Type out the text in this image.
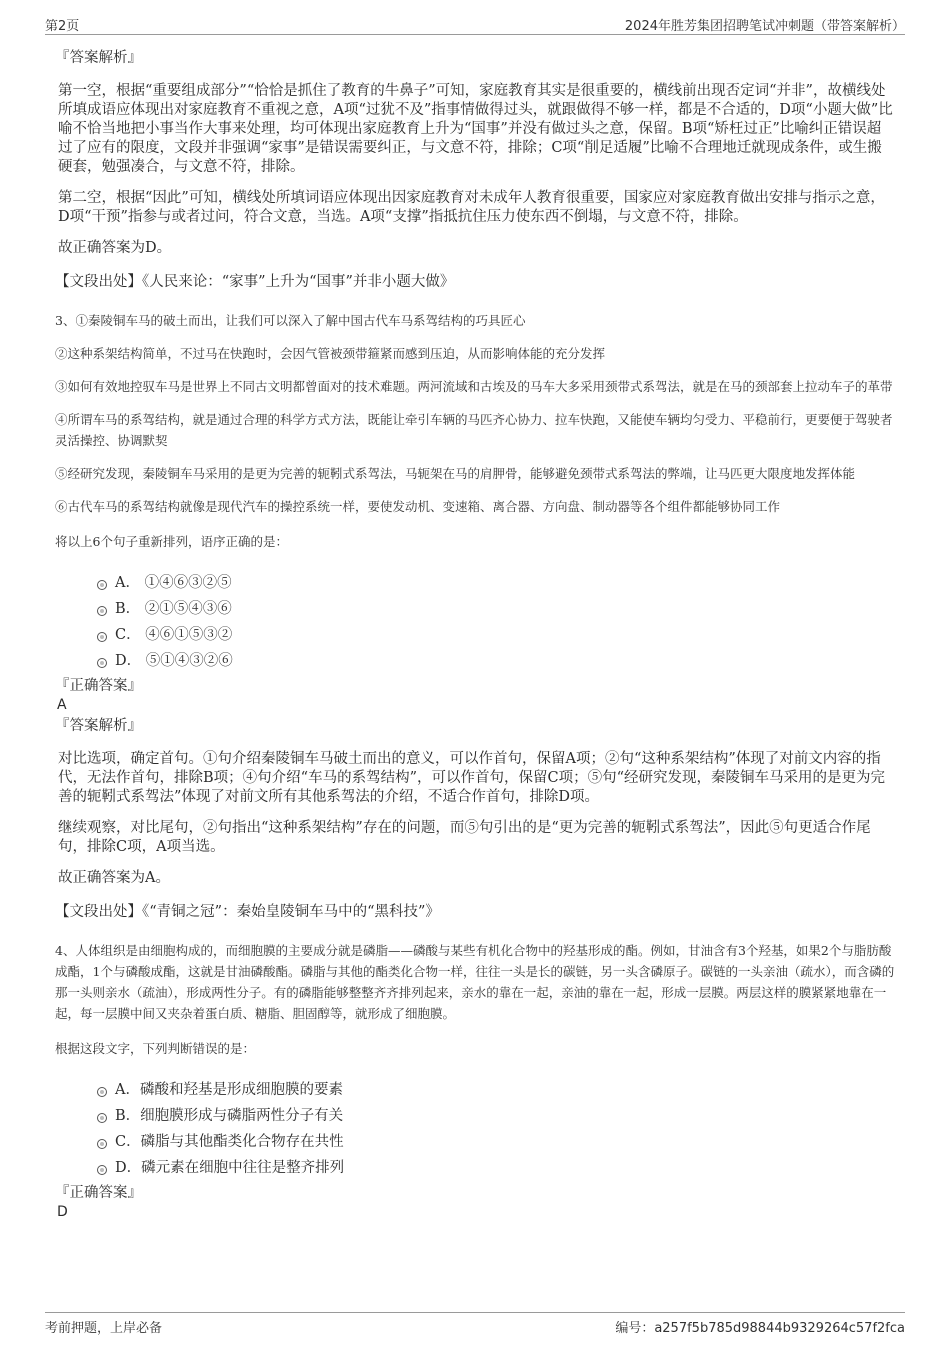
第2页	2024年胜芳集团招聘笔试冲刺题（带答案解析）
『答案解析』
第一空，根据“重要组成部分”“恰恰是抓住了教育的牛鼻子”可知，家庭教育其实是很重要的，横线前出现否定词“并非”，故横线处所填成语应体现出对家庭教育不重视之意，A项“过犹不及”指事情做得过头，就跟做得不够一样，都是不合适的，D项“小题大做”比喻不恰当地把小事当作大事来处理，均可体现出家庭教育上升为“国事”并没有做过头之意，保留。B项“矫枉过正”比喻纠正错误超过了应有的限度，文段并非强调“家事”是错误需要纠正，与文意不符，排除；C项“削足适履”比喻不合理地迁就现成条件，或生搬硬套，勉强凑合，与文意不符，排除。
第二空，根据“因此”可知，横线处所填词语应体现出因家庭教育对未成年人教育很重要，国家应对家庭教育做出安排与指示之意，D项“干预”指参与或者过问，符合文意，当选。A项“支撑”指抵抗住压力使东西不倒塌，与文意不符，排除。
故正确答案为D。
【文段出处】《人民来论：“家事”上升为“国事”并非小题大做》
3、①秦陵铜车马的破土而出，让我们可以深入了解中国古代车马系驾结构的巧具匠心
②这种系架结构简单，不过马在快跑时，会因气管被颈带箍紧而感到压迫，从而影响体能的充分发挥
③如何有效地控驭车马是世界上不同古文明都曾面对的技术难题。两河流域和古埃及的马车大多采用颈带式系驾法，就是在马的颈部套上拉动车子的革带
④所谓车马的系驾结构，就是通过合理的科学方式方法，既能让牵引车辆的马匹齐心协力、拉车快跑，又能使车辆均匀受力、平稳前行，更要便于驾驶者灵活操控、协调默契
⑤经研究发现，秦陵铜车马采用的是更为完善的轭靷式系驾法，马轭架在马的肩胛骨，能够避免颈带式系驾法的弊端，让马匹更大限度地发挥体能
⑥古代车马的系驾结构就像是现代汽车的操控系统一样，要使发动机、变速箱、离合器、方向盘、制动器等各个组件都能够协同工作
将以上6个句子重新排列，语序正确的是：
A． ①④⑥③②⑤
B． ②①⑤④③⑥
C． ④⑥①⑤③②
D． ⑤①④③②⑥
『正确答案』
A
『答案解析』
对比选项，确定首句。①句介绍秦陵铜车马破土而出的意义，可以作首句，保留A项；②句“这种系架结构”体现了对前文内容的指代，无法作首句，排除B项；④句介绍“车马的系驾结构”，可以作首句，保留C项；⑤句“经研究发现，秦陵铜车马采用的是更为完善的轭靷式系驾法”体现了对前文所有其他系驾法的介绍，不适合作首句，排除D项。
继续观察，对比尾句，②句指出“这种系架结构”存在的问题，而⑤句引出的是“更为完善的轭靷式系驾法”，因此⑤句更适合作尾句，排除C项，A项当选。
故正确答案为A。
【文段出处】《“青铜之冠”：秦始皇陵铜车马中的“黑科技”》
4、人体组织是由细胞构成的，而细胞膜的主要成分就是磷脂——磷酸与某些有机化合物中的羟基形成的酯。例如，甘油含有3个羟基，如果2个与脂肪酸成酯，1个与磷酸成酯，这就是甘油磷酸酯。磷脂与其他的酯类化合物一样，往往一头是长的碳链，另一头含磷原子。碳链的一头亲油（疏水），而含磷的那一头则亲水（疏油），形成两性分子。有的磷脂能够整整齐齐排列起来，亲水的靠在一起，亲油的靠在一起，形成一层膜。两层这样的膜紧紧地靠在一起，每一层膜中间又夹杂着蛋白质、糖脂、胆固醇等，就形成了细胞膜。
根据这段文字，下列判断错误的是：
A．磷酸和羟基是形成细胞膜的要素
B．细胞膜形成与磷脂两性分子有关
C．磷脂与其他酯类化合物存在共性
D．磷元素在细胞中往往是整齐排列
『正确答案』
D
考前押题，上岸必备	编号：a257f5b785d98844b9329264c57f2fca
